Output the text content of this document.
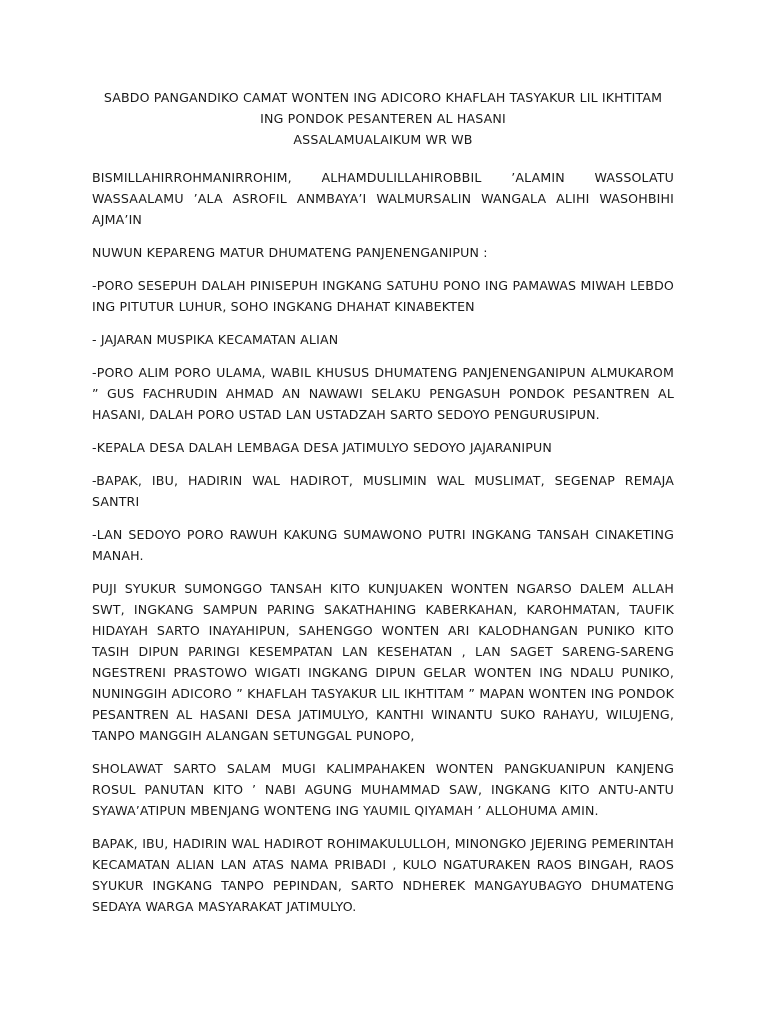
SABDO PANGANDIKO CAMAT WONTEN ING ADICORO KHAFLAH TASYAKUR LIL IKHTITAM

ING PONDOK PESANTEREN AL HASANI

ASSALAMUALAIKUM WR WB

BISMILLAHIRROHMANIRROHIM, ALHAMDULILLAHIROBBIL ’ALAMIN WASSOLATU WASSAALAMU ’ALA ASROFIL ANMBAYA’I WALMURSALIN WANGALA ALIHI WASOHBIHI AJMA’IN

NUWUN KEPARENG MATUR DHUMATENG PANJENENGANIPUN :

-PORO SESEPUH DALAH PINISEPUH INGKANG SATUHU PONO ING PAMAWAS MIWAH LEBDO ING PITUTUR LUHUR, SOHO INGKANG DHAHAT KINABEKTEN

- JAJARAN MUSPIKA KECAMATAN ALIAN

-PORO ALIM PORO ULAMA, WABIL KHUSUS DHUMATENG PANJENENGANIPUN ALMUKAROM ” GUS FACHRUDIN AHMAD AN NAWAWI SELAKU PENGASUH PONDOK PESANTREN AL HASANI, DALAH PORO USTAD LAN USTADZAH SARTO SEDOYO PENGURUSIPUN.

-KEPALA DESA DALAH LEMBAGA DESA JATIMULYO SEDOYO JAJARANIPUN

-BAPAK, IBU, HADIRIN WAL HADIROT, MUSLIMIN WAL MUSLIMAT, SEGENAP REMAJA SANTRI

-LAN SEDOYO PORO RAWUH KAKUNG SUMAWONO PUTRI INGKANG TANSAH CINAKETING MANAH.

PUJI SYUKUR SUMONGGO TANSAH KITO KUNJUAKEN WONTEN NGARSO DALEM ALLAH SWT, INGKANG SAMPUN PARING SAKATHAHING KABERKAHAN, KAROHMATAN, TAUFIK HIDAYAH SARTO INAYAHIPUN, SAHENGGO WONTEN ARI KALODHANGAN PUNIKO KITO TASIH DIPUN PARINGI KESEMPATAN LAN KESEHATAN , LAN SAGET SARENG-SARENG NGESTRENI PRASTOWO WIGATI INGKANG DIPUN GELAR WONTEN ING NDALU PUNIKO, NUNINGGIH ADICORO ” KHAFLAH TASYAKUR LIL IKHTITAM ” MAPAN WONTEN ING PONDOK PESANTREN AL HASANI DESA JATIMULYO, KANTHI WINANTU SUKO RAHAYU, WILUJENG, TANPO MANGGIH ALANGAN SETUNGGAL PUNOPO,

SHOLAWAT SARTO SALAM MUGI KALIMPAHAKEN WONTEN PANGKUANIPUN KANJENG ROSUL PANUTAN KITO ’ NABI AGUNG MUHAMMAD SAW, INGKANG KITO ANTU-ANTU SYAWA’ATIPUN MBENJANG WONTENG ING YAUMIL QIYAMAH ’ ALLOHUMA AMIN.

BAPAK, IBU, HADIRIN WAL HADIROT ROHIMAKULULLOH, MINONGKO JEJERING PEMERINTAH KECAMATAN ALIAN LAN ATAS NAMA PRIBADI , KULO NGATURAKEN RAOS BINGAH, RAOS SYUKUR INGKANG TANPO PEPINDAN, SARTO NDHEREK MANGAYUBAGYO DHUMATENG SEDAYA WARGA MASYARAKAT JATIMULYO.
